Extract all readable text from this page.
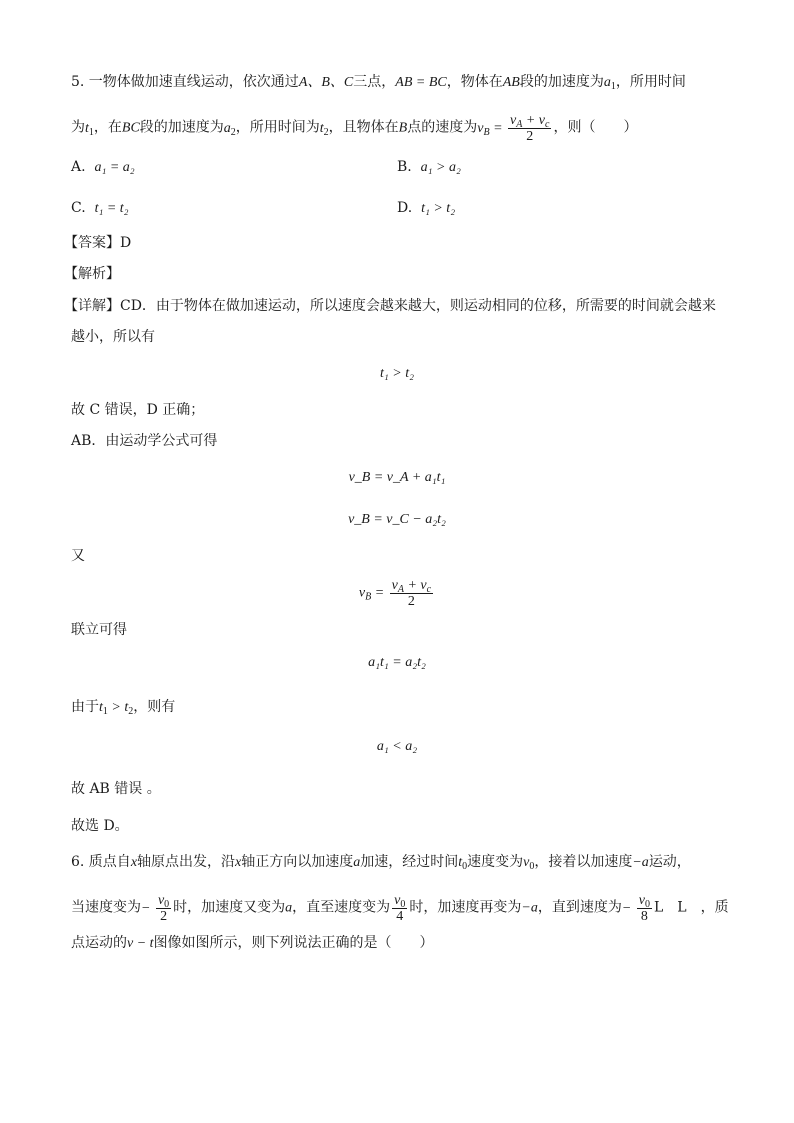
5. 一物体做加速直线运动，依次通过A、B、C三点，AB = BC，物体在AB段的加速度为$a_1$，所用时间
为$t_1$，在BC段的加速度为$a_2$，所用时间为$t_2$，且物体在B点的速度为$v_B = \frac{v_A + v_c}{2}$ ，则（　　）
A. a₁ = a₂	B. a₁ > a₂
C. t₁ = t₂	D. t₁ > t₂
【答案】D
【解析】
【详解】CD．由于物体在做加速运动，所以速度会越来越大，则运动相同的位移，所需要的时间就会越来
越小，所以有
t₁ > t₂
故 C 错误，D 正确；
AB．由运动学公式可得
v_B = v_A + a₁t₁
v_B = v_C − a₂t₂
又
$v_B = \frac{v_A + v_c}{2}$
联立可得
a₁t₁ = a₂t₂
由于$t_1 > t_2$，则有
a₁ < a₂
故 AB 错误 。
故选 D。
6. 质点自x轴原点出发，沿x轴正方向以加速度a加速，经过时间$t_0$速度变为$v_0$，接着以加速度−a运动，
当速度变为− $\frac{v_0}{2}$ 时，加速度又变为a，直至速度变为 $\frac{v_0}{4}$ 时，加速度再变为−a，直到速度为− $\frac{v_0}{8}$ L　L　，质
点运动的v − t图像如图所示，则下列说法正确的是（　　）
